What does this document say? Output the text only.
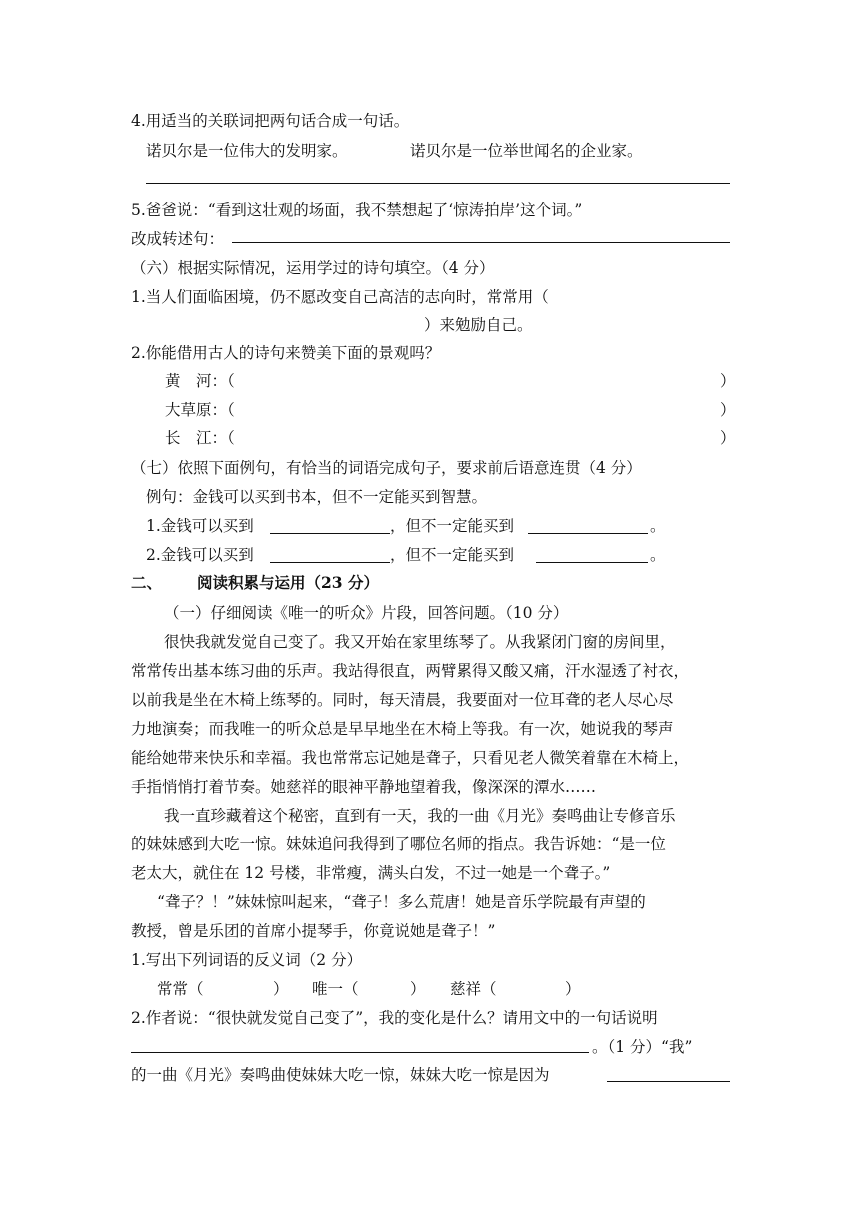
4.用适当的关联词把两句话合成一句话。
诺贝尔是一位伟大的发明家。	诺贝尔是一位举世闻名的企业家。
5.爸爸说：“看到这壮观的场面，我不禁想起了‘惊涛拍岸’这个词。”
改成转述句：
（六）根据实际情况，运用学过的诗句填空。（4 分）
1.当人们面临困境，仍不愿改变自己高洁的志向时，常常用（
）来勉励自己。
2.你能借用古人的诗句来赞美下面的景观吗？
黄　河：（	）
大草原：（	）
长　江：（	）
（七）依照下面例句，有恰当的词语完成句子，要求前后语意连贯（4 分）
例句：金钱可以买到书本，但不一定能买到智慧。
1.金钱可以买到	，但不一定能买到	。
2.金钱可以买到	，但不一定能买到	。
二、 阅读积累与运用（23 分）
（一）仔细阅读《唯一的听众》片段，回答问题。（10 分）
很快我就发觉自己变了。我又开始在家里练琴了。从我紧闭门窗的房间里，
常常传出基本练习曲的乐声。我站得很直，两臂累得又酸又痛，汗水湿透了衬衣，
以前我是坐在木椅上练琴的。同时，每天清晨，我要面对一位耳聋的老人尽心尽
力地演奏；而我唯一的听众总是早早地坐在木椅上等我。有一次，她说我的琴声
能给她带来快乐和幸福。我也常常忘记她是聋子，只看见老人微笑着靠在木椅上，
手指悄悄打着节奏。她慈祥的眼神平静地望着我，像深深的潭水……
我一直珍藏着这个秘密，直到有一天，我的一曲《月光》奏鸣曲让专修音乐
的妹妹感到大吃一惊。妹妹追问我得到了哪位名师的指点。我告诉她：“是一位
老太大，就住在 12 号楼，非常瘦，满头白发，不过一她是一个聋子。”
“聋子？！”妹妹惊叫起来，“聋子！多么荒唐！她是音乐学院最有声望的
教授，曾是乐团的首席小提琴手，你竟说她是聋子！”
1.写出下列词语的反义词（2 分）
常常（	） 唯一（	） 慈祥（	）
2.作者说：“很快就发觉自己变了”，我的变化是什么？请用文中的一句话说明
。（1 分）“我”
的一曲《月光》奏鸣曲使妹妹大吃一惊，妹妹大吃一惊是因为
